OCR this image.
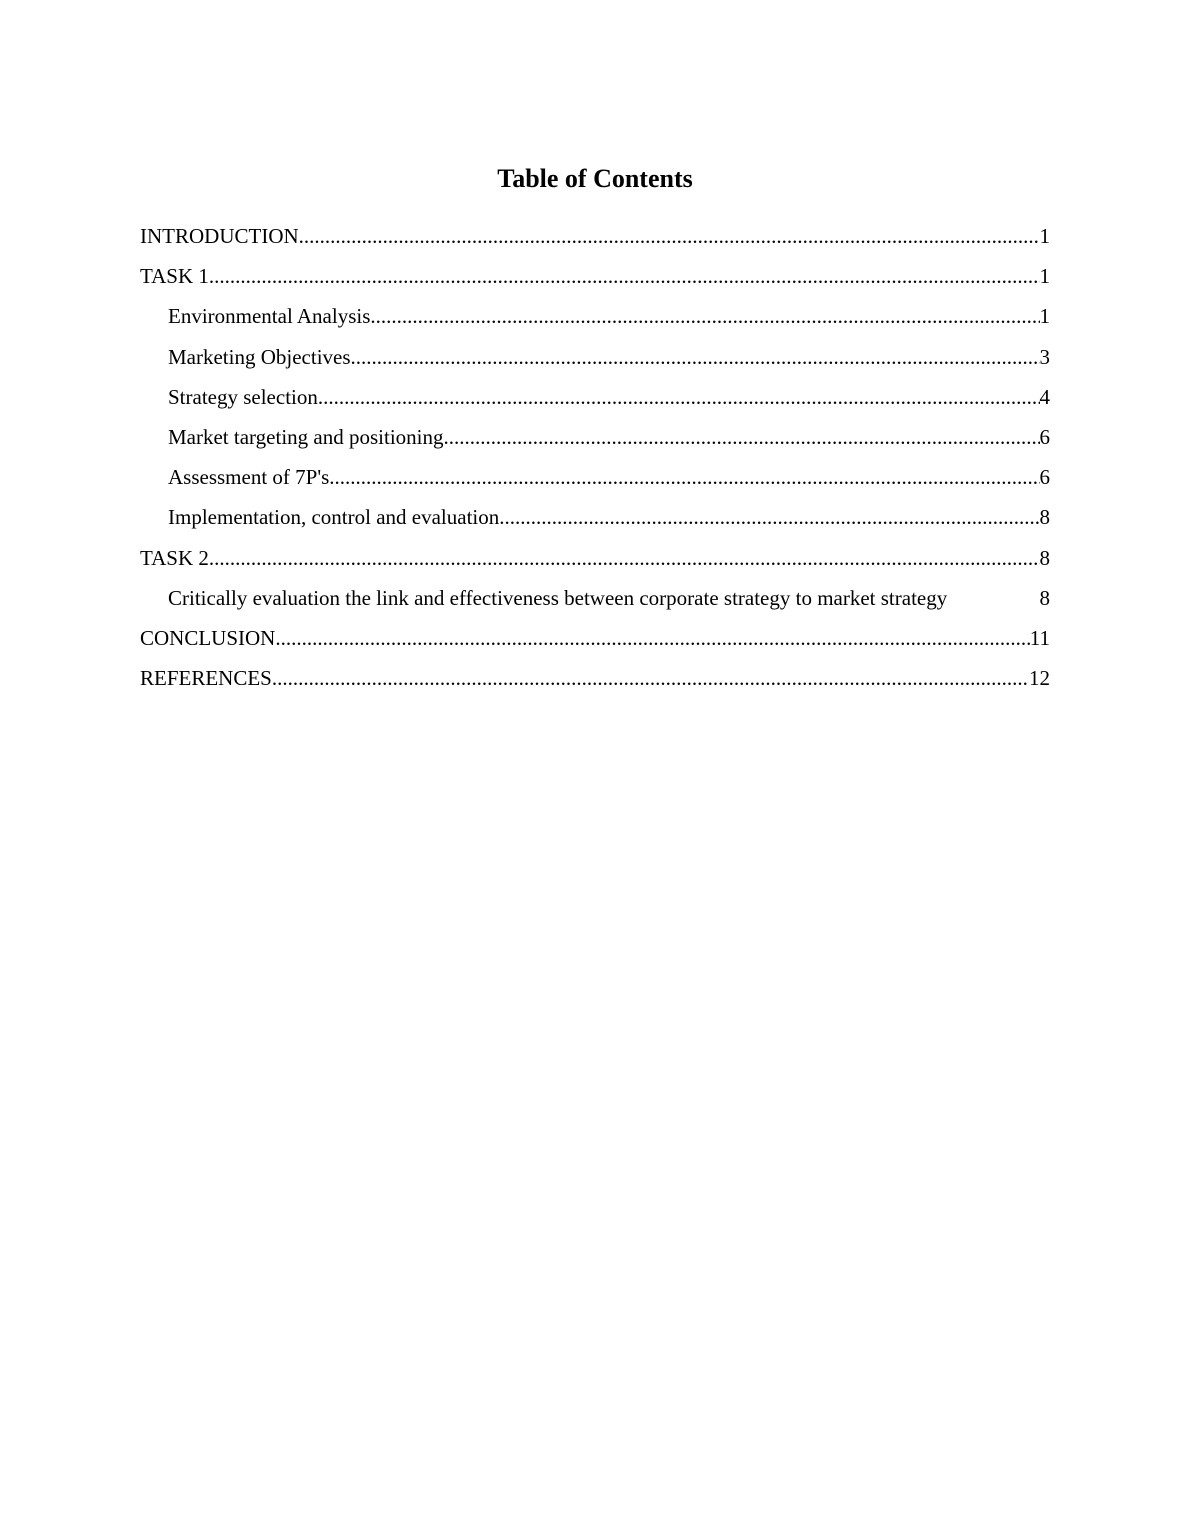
Table of Contents
INTRODUCTION .....	1
TASK 1 .....	1
Environmental Analysis .....	1
Marketing Objectives .....	3
Strategy selection .....	4
Market targeting and positioning .....	6
Assessment of 7P's .....	6
Implementation, control and evaluation .....	8
TASK 2 .....	8
Critically evaluation the link and effectiveness between corporate strategy to market strategy	8
CONCLUSION .....	11
REFERENCES .....	12
